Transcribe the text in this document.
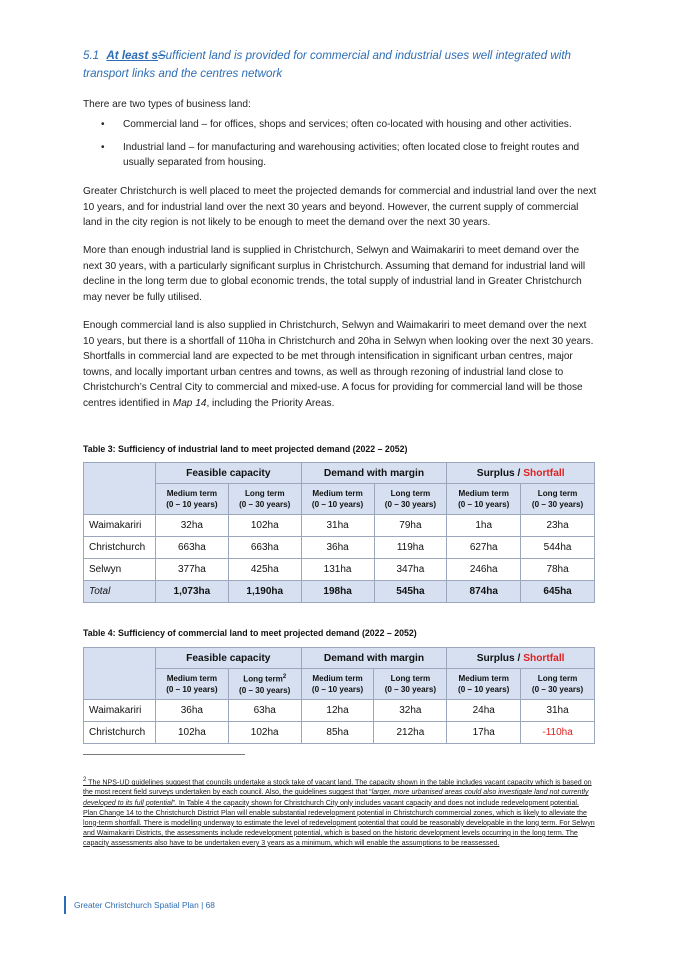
5.1 At least sSufficient land is provided for commercial and industrial uses well integrated with
transport links and the centres network
There are two types of business land:
• Commercial land – for offices, shops and services; often co-located with housing and other activities.
• Industrial land – for manufacturing and warehousing activities; often located close to freight routes and usually separated from housing.
Greater Christchurch is well placed to meet the projected demands for commercial and industrial land over the next 10 years, and for industrial land over the next 30 years and beyond. However, the current supply of commercial land in the city region is not likely to be enough to meet the demand over the next 30 years.
More than enough industrial land is supplied in Christchurch, Selwyn and Waimakariri to meet demand over the next 30 years, with a particularly significant surplus in Christchurch. Assuming that demand for industrial land will decline in the long term due to global economic trends, the total supply of industrial land in Greater Christchurch may never be fully utilised.
Enough commercial land is also supplied in Christchurch, Selwyn and Waimakariri to meet demand over the next 10 years, but there is a shortfall of 110ha in Christchurch and 20ha in Selwyn when looking over the next 30 years. Shortfalls in commercial land are expected to be met through intensification in significant urban centres, major towns, and locally important urban centres and towns, as well as through rezoning of industrial land close to Christchurch’s Central City to commercial and mixed-use. A focus for providing for commercial land will be those centres identified in Map 14, including the Priority Areas.
Table 3: Sufficiency of industrial land to meet projected demand (2022 – 2052)
	Feasible capacity		Demand with margin		Surplus / Shortfall	
	Medium term
(0 – 10 years)	Long term
(0 – 30 years)	Medium term
(0 – 10 years)	Long term
(0 – 30 years)	Medium term
(0 – 10 years)	Long term
(0 – 30 years)
Waimakariri	32ha	102ha	31ha	79ha	1ha	23ha
Christchurch	663ha	663ha	36ha	119ha	627ha	544ha
Selwyn	377ha	425ha	131ha	347ha	246ha	78ha
Total	1,073ha	1,190ha	198ha	545ha	874ha	645ha
Table 4: Sufficiency of commercial land to meet projected demand (2022 – 2052)
	Feasible capacity		Demand with margin		Surplus / Shortfall	
	Medium term
(0 – 10 years)	Long term$^2$
(0 – 30 years)	Medium term
(0 – 10 years)	Long term
(0 – 30 years)	Medium term
(0 – 10 years)	Long term
(0 – 30 years)
Waimakariri	36ha	63ha	12ha	32ha	24ha	31ha
Christchurch	102ha	102ha	85ha	212ha	17ha	-110ha
$^2$ The NPS-UD guidelines suggest that councils undertake a stock take of vacant land. The capacity shown in the table includes vacant capacity which is based on the most recent field surveys undertaken by each council. Also, the guidelines suggest that “larger, more urbanised areas could also investigate land not currently developed to its full potential”. In Table 4 the capacity shown for Christchurch City only includes vacant capacity and does not include redevelopment potential. Plan Change 14 to the Christchurch District Plan will enable substantial redevelopment potential in Christchurch commercial zones, which is likely to alleviate the long-term shortfall. There is modelling underway to estimate the level of redevelopment potential that could be reasonably developable in the long term. For Selwyn and Waimakariri Districts, the assessments include redevelopment potential, which is based on the historic development levels occurring in the long term. The capacity assessments also have to be undertaken every 3 years as a minimum, which will enable the assumptions to be reassessed.
Greater Christchurch Spatial Plan | 68
